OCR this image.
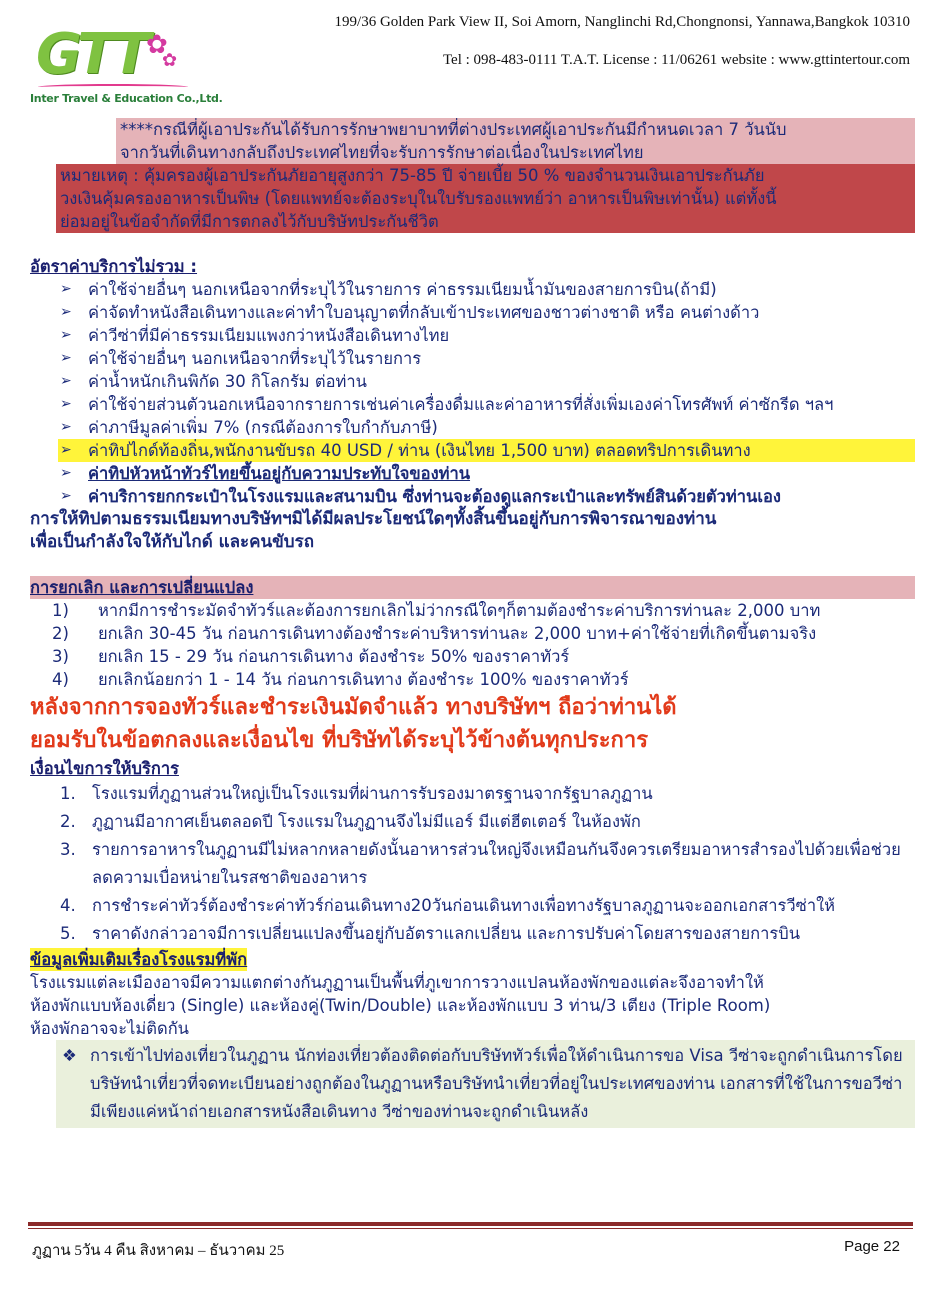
GTT ✿
✿
Inter Travel & Education Co.,Ltd.
199/36 Golden Park View II, Soi Amorn, Nanglinchi Rd,Chongnonsi, Yannawa,Bangkok 10310
Tel : 098-483-0111 T.A.T. License : 11/06261 website : www.gttintertour.com
****กรณีที่ผู้เอาประกันได้รับการรักษาพยาบาทที่ต่างประเทศผู้เอาประกันมีกำหนดเวลา 7 วันนับ
จากวันที่เดินทางกลับถึงประเทศไทยที่จะรับการรักษาต่อเนื่องในประเทศไทย
หมายเหตุ : คุ้มครองผู้เอาประกันภัยอายุสูงกว่า 75-85 ปี จ่ายเบี้ย 50 % ของจำนวนเงินเอาประกันภัย
วงเงินคุ้มครองอาหารเป็นพิษ (โดยแพทย์จะต้องระบุในใบรับรองแพทย์ว่า อาหารเป็นพิษเท่านั้น) แต่ทั้งนี้
ย่อมอยู่ในข้อจำกัดที่มีการตกลงไว้กับบริษัทประกันชีวิต
อัตราค่าบริการไม่รวม :
➢ ค่าใช้จ่ายอื่นๆ นอกเหนือจากที่ระบุไว้ในรายการ ค่าธรรมเนียมน้ำมันของสายการบิน(ถ้ามี)
➢ ค่าจัดทำหนังสือเดินทางและค่าทำใบอนุญาตที่กลับเข้าประเทศของชาวต่างชาติ หรือ คนต่างด้าว
➢ ค่าวีซ่าที่มีค่าธรรมเนียมแพงกว่าหนังสือเดินทางไทย
➢ ค่าใช้จ่ายอื่นๆ นอกเหนือจากที่ระบุไว้ในรายการ
➢ ค่าน้ำหนักเกินพิกัด 30 กิโลกรัม ต่อท่าน
➢ ค่าใช้จ่ายส่วนตัวนอกเหนือจากรายการเช่นค่าเครื่องดื่มและค่าอาหารที่สั่งเพิ่มเองค่าโทรศัพท์ ค่าซักรีด ฯลฯ
➢ ค่าภาษีมูลค่าเพิ่ม 7% (กรณีต้องการใบกำกับภาษี)
➢ ค่าทิปไกด์ท้องถิ่น,พนักงานขับรถ 40 USD / ท่าน (เงินไทย 1,500 บาท) ตลอดทริปการเดินทาง
➢ ค่าทิปหัวหน้าทัวร์ไทยขึ้นอยู่กับความประทับใจของท่าน
➢ ค่าบริการยกกระเป๋าในโรงแรมและสนามบิน ซึ่งท่านจะต้องดูแลกระเป๋าและทรัพย์สินด้วยตัวท่านเอง
การให้ทิปตามธรรมเนียมทางบริษัทฯมิได้มีผลประโยชน์ใดๆทั้งสิ้นขึ้นอยู่กับการพิจารณาของท่าน
เพื่อเป็นกำลังใจให้กับไกด์ และคนขับรถ
การยกเลิก และการเปลี่ยนแปลง
1) หากมีการชำระมัดจำทัวร์และต้องการยกเลิกไม่ว่ากรณีใดๆก็ตามต้องชำระค่าบริการท่านละ 2,000 บาท
2) ยกเลิก 30-45 วัน ก่อนการเดินทางต้องชำระค่าบริหารท่านละ 2,000 บาท+ค่าใช้จ่ายที่เกิดขึ้นตามจริง
3) ยกเลิก 15 - 29 วัน ก่อนการเดินทาง ต้องชำระ 50% ของราคาทัวร์
4) ยกเลิกน้อยกว่า 1 - 14 วัน ก่อนการเดินทาง ต้องชำระ 100% ของราคาทัวร์
หลังจากการจองทัวร์และชำระเงินมัดจำแล้ว ทางบริษัทฯ ถือว่าท่านได้
ยอมรับในข้อตกลงและเงื่อนไข ที่บริษัทได้ระบุไว้ข้างต้นทุกประการ
เงื่อนไขการให้บริการ
1. โรงแรมที่ภูฏานส่วนใหญ่เป็นโรงแรมที่ผ่านการรับรองมาตรฐานจากรัฐบาลภูฏาน
2. ภูฏานมีอากาศเย็นตลอดปี โรงแรมในภูฏานจึงไม่มีแอร์ มีแต่ฮีตเตอร์ ในห้องพัก
3. รายการอาหารในภูฏานมีไม่หลากหลายดังนั้นอาหารส่วนใหญ่จึงเหมือนกันจึงควรเตรียมอาหารสำรองไปด้วยเพื่อช่วยลดความเบื่อหน่ายในรสชาติของอาหาร
4. การชำระค่าทัวร์ต้องชำระค่าทัวร์ก่อนเดินทาง20วันก่อนเดินทางเพื่อทางรัฐบาลภูฏานจะออกเอกสารวีซ่าให้
5. ราคาดังกล่าวอาจมีการเปลี่ยนแปลงขึ้นอยู่กับอัตราแลกเปลี่ยน และการปรับค่าโดยสารของสายการบิน
ข้อมูลเพิ่มเติมเรื่องโรงแรมที่พัก
โรงแรมแต่ละเมืองอาจมีความแตกต่างกันภูฏานเป็นพื้นที่ภูเขาการวางแปลนห้องพักของแต่ละจึงอาจทำให้
ห้องพักแบบห้องเดี่ยว (Single) และห้องคู่(Twin/Double) และห้องพักแบบ 3 ท่าน/3 เตียง (Triple Room)
ห้องพักอาจจะไม่ติดกัน
❖ การเข้าไปท่องเที่ยวในภูฏาน นักท่องเที่ยวต้องติดต่อกับบริษัททัวร์เพื่อให้ดำเนินการขอ Visa วีซ่าจะถูกดำเนินการโดยบริษัทนำเที่ยวที่จดทะเบียนอย่างถูกต้องในภูฏานหรือบริษัทนำเที่ยวที่อยู่ในประเทศของท่าน เอกสารที่ใช้ในการขอวีซ่ามีเพียงแค่หน้าถ่ายเอกสารหนังสือเดินทาง วีซ่าของท่านจะถูกดำเนินหลัง
ภูฏาน 5วัน 4 คืน สิงหาคม – ธันวาคม 25	Page 22
